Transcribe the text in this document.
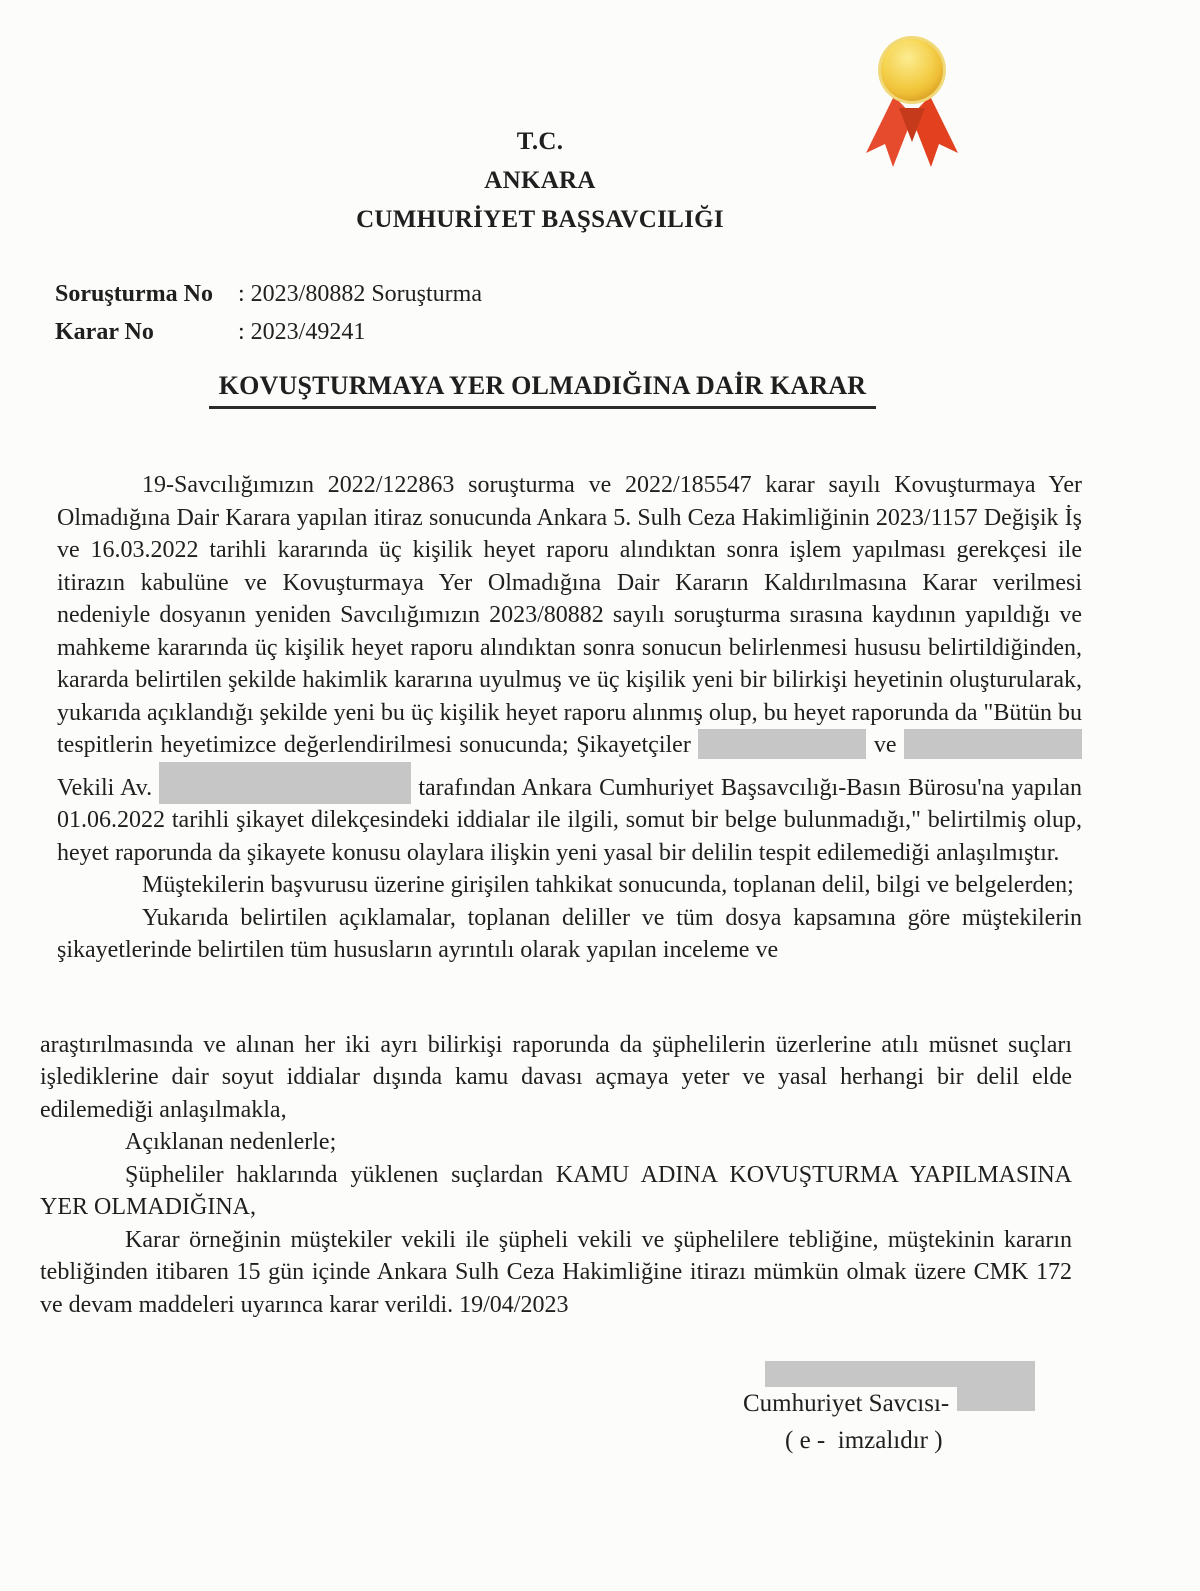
T.C.
ANKARA
CUMHURİYET BAŞSAVCILIĞI
Soruşturma No : 2023/80882 Soruşturma
Karar No	: 2023/49241
KOVUŞTURMAYA YER OLMADIĞINA DAİR KARAR

19-Savcılığımızın 2022/122863 soruşturma ve 2022/185547 karar sayılı Kovuşturmaya Yer Olmadığına Dair Karara yapılan itiraz sonucunda Ankara 5. Sulh Ceza Hakimliğinin 2023/1157 Değişik İş ve 16.03.2022 tarihli kararında üç kişilik heyet raporu alındıktan sonra işlem yapılması gerekçesi ile itirazın kabulüne ve Kovuşturmaya Yer Olmadığına Dair Kararın Kaldırılmasına Karar verilmesi nedeniyle dosyanın yeniden Savcılığımızın 2023/80882 sayılı soruşturma sırasına kaydının yapıldığı ve mahkeme kararında üç kişilik heyet raporu alındıktan sonra sonucun belirlenmesi hususu belirtildiğinden, kararda belirtilen şekilde hakimlik kararına uyulmuş ve üç kişilik yeni bir bilirkişi heyetinin oluşturularak, yukarıda açıklandığı şekilde yeni bu üç kişilik heyet raporu alınmış olup, bu heyet raporunda da "Bütün bu tespitlerin heyetimizce değerlendirilmesi sonucunda; Şikayetçiler	ve  Vekili Av.	tarafından Ankara Cumhuriyet Başsavcılığı-Basın Bürosu'na yapılan 01.06.2022 tarihli şikayet dilekçesindeki iddialar ile ilgili, somut bir belge bulunmadığı," belirtilmiş olup, heyet raporunda da şikayete konusu olaylara ilişkin yeni yasal bir delilin tespit edilemediği anlaşılmıştır.

Müştekilerin başvurusu üzerine girişilen tahkikat sonucunda, toplanan delil, bilgi ve belgelerden;

Yukarıda belirtilen açıklamalar, toplanan deliller ve tüm dosya kapsamına göre müştekilerin şikayetlerinde belirtilen tüm hususların ayrıntılı olarak yapılan inceleme ve

araştırılmasında ve alınan her iki ayrı bilirkişi raporunda da şüphelilerin üzerlerine atılı müsnet suçları işlediklerine dair soyut iddialar dışında kamu davası açmaya yeter ve yasal herhangi bir delil elde edilemediği anlaşılmakla,

Açıklanan nedenlerle;

Şüpheliler haklarında yüklenen suçlardan KAMU ADINA KOVUŞTURMA YAPILMASINA YER OLMADIĞINA,

Karar örneğinin müştekiler vekili ile şüpheli vekili ve şüphelilere tebliğine, müştekinin kararın tebliğinden itibaren 15 gün içinde Ankara Sulh Ceza Hakimliğine itirazı mümkün olmak üzere CMK 172 ve devam maddeleri uyarınca karar verildi. 19/04/2023

Cumhuriyet Savcısı-
( e -  imzalıdır )
